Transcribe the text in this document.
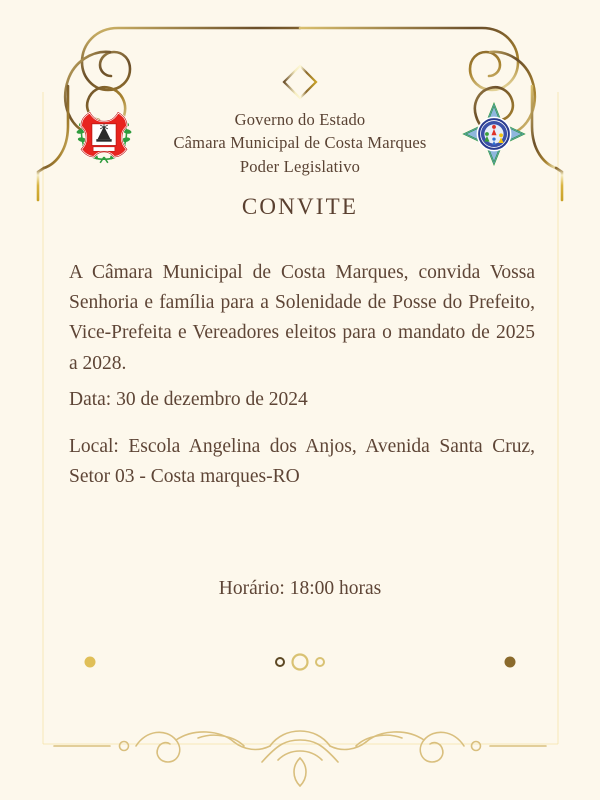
Governo do Estado
Câmara Municipal de Costa Marques
Poder Legislativo
CONVITE
A Câmara Municipal de Costa Marques, convida Vossa Senhoria e família para a Solenidade de Posse do Prefeito, Vice-Prefeita e Vereadores eleitos para o mandato de 2025 a 2028.
Data: 30 de dezembro de 2024
Local: Escola Angelina dos Anjos, Avenida Santa Cruz, Setor 03 - Costa marques-RO
Horário: 18:00 horas
